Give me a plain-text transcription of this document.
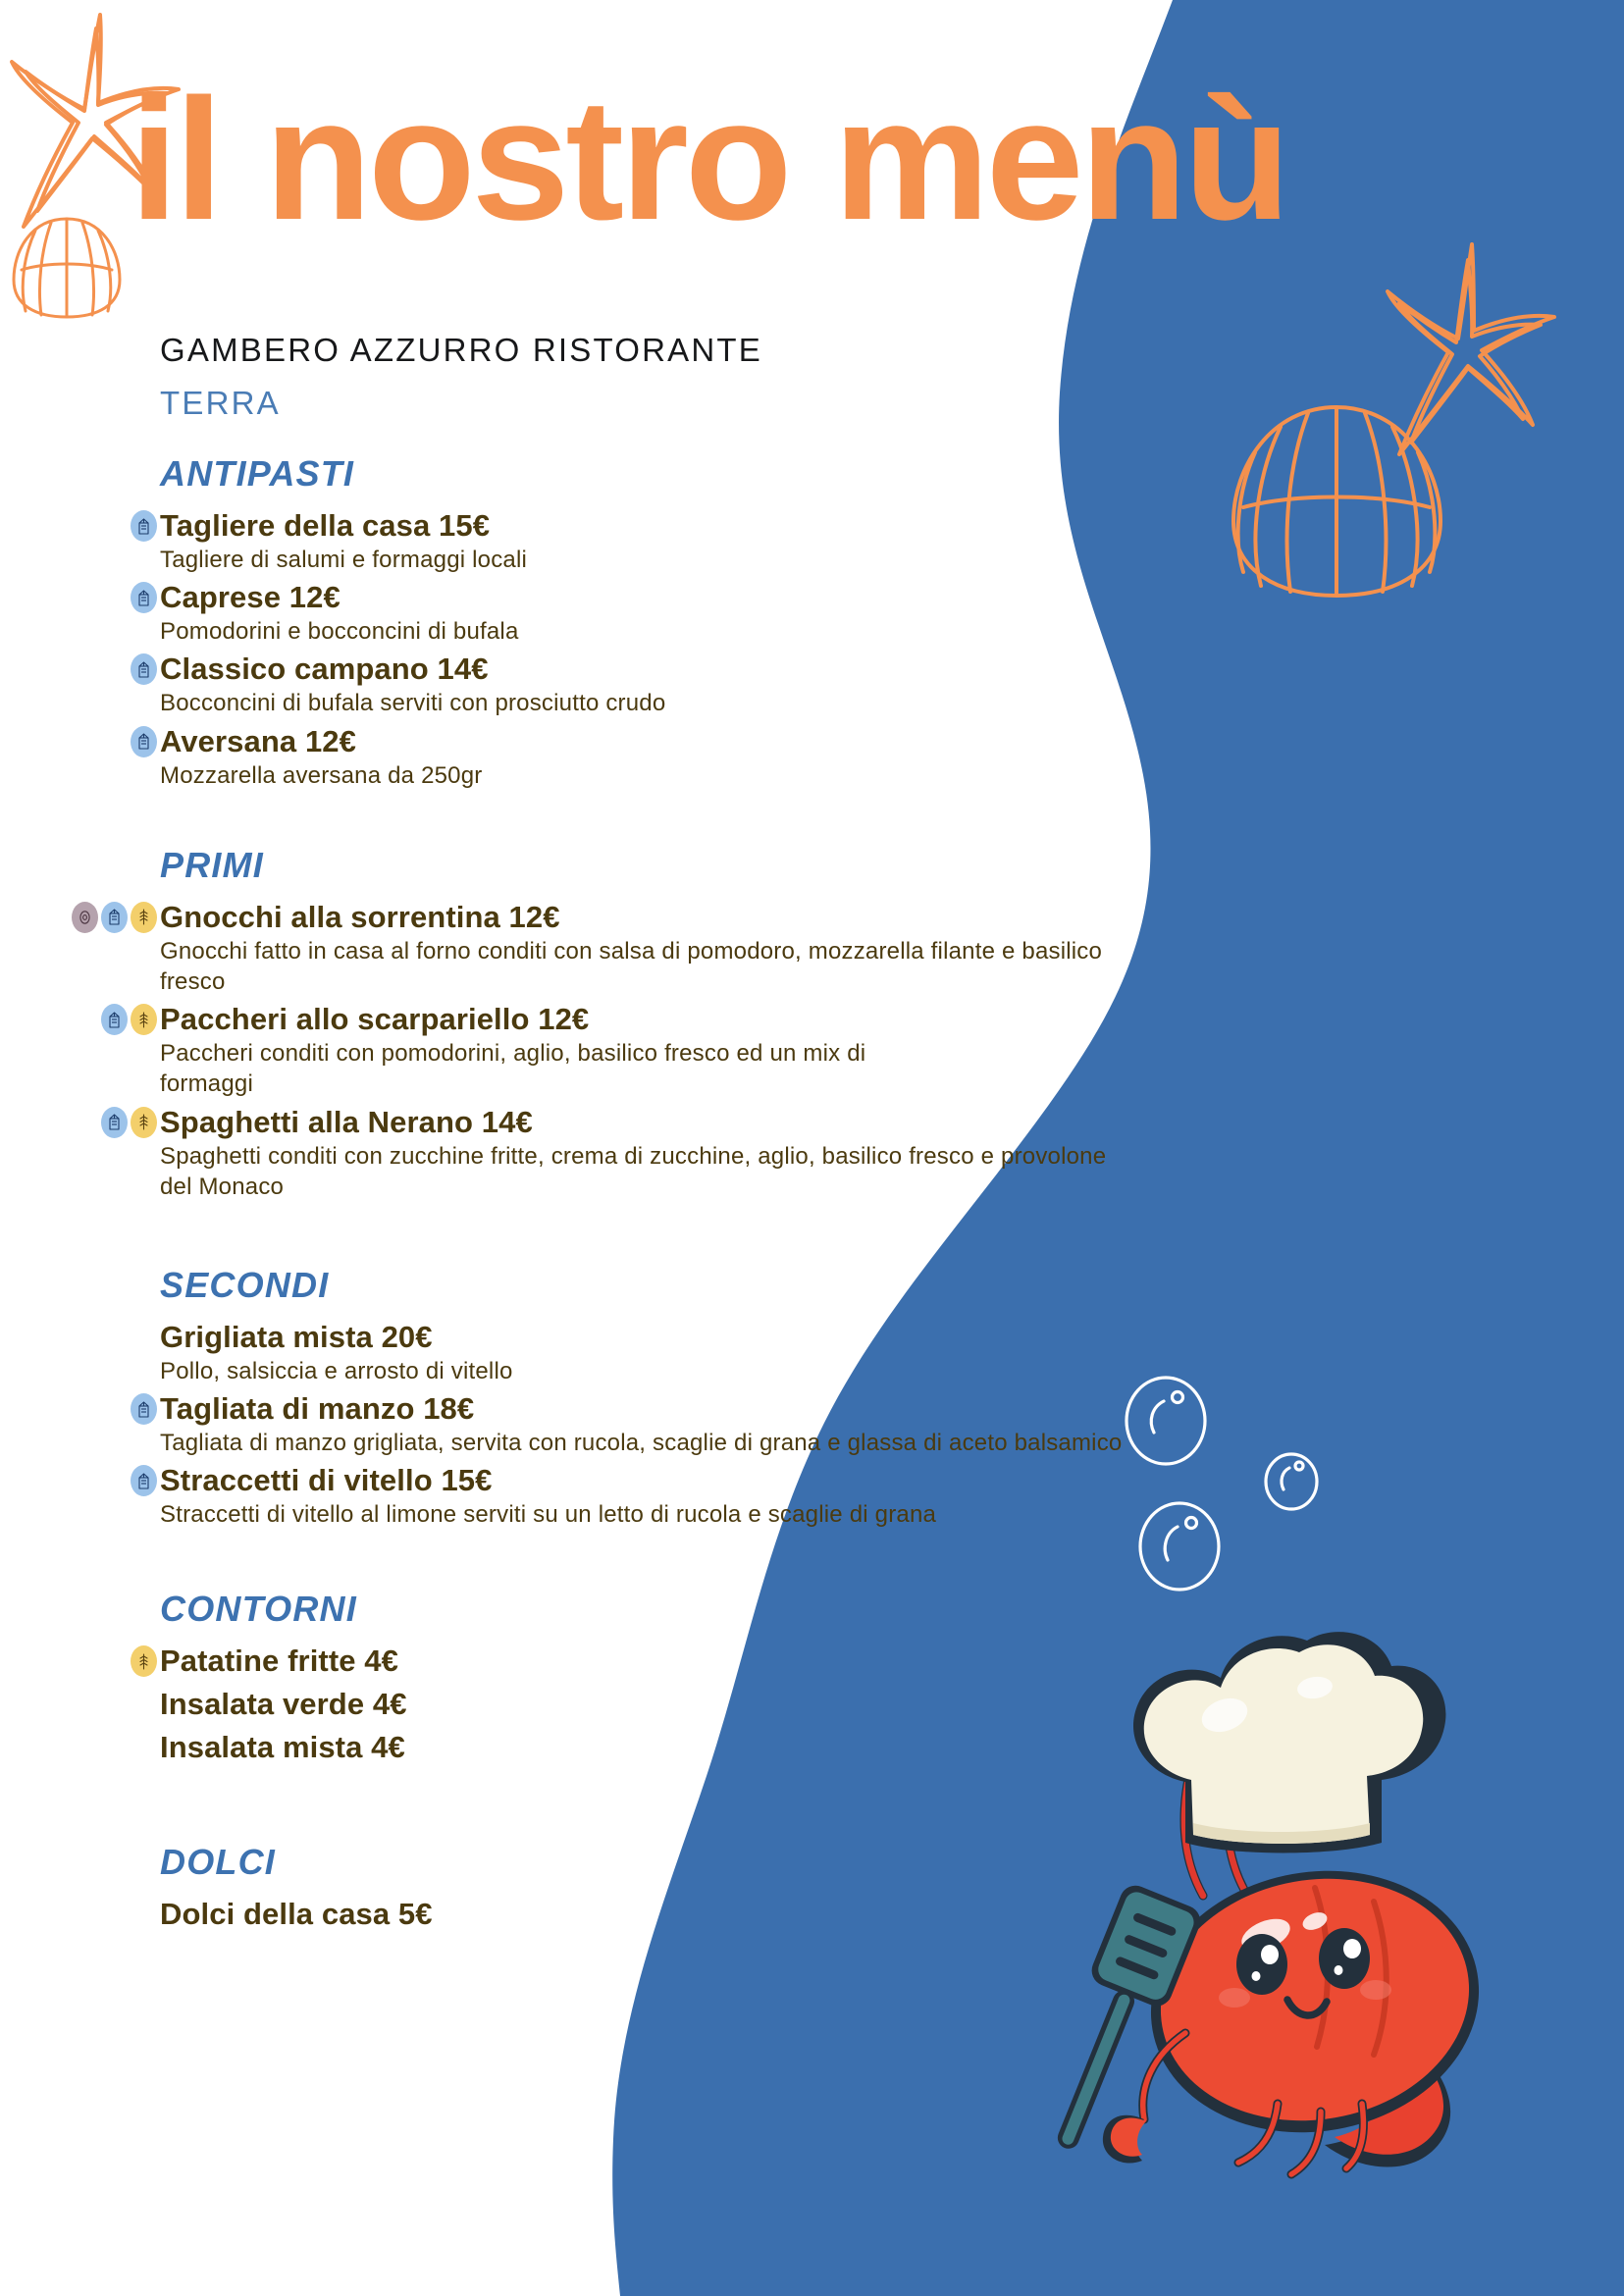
il nostro menù
GAMBERO AZZURRO RISTORANTE
TERRA
ANTIPASTI
Tagliere della casa 15€
Tagliere di salumi e formaggi locali
Caprese 12€
Pomodorini e bocconcini di bufala
Classico campano 14€
Bocconcini di bufala serviti con prosciutto crudo
Aversana 12€
Mozzarella aversana da 250gr
PRIMI
Gnocchi alla sorrentina 12€
Gnocchi fatto in casa al forno conditi con salsa di pomodoro, mozzarella filante e basilico fresco
Paccheri allo scarpariello 12€
Paccheri conditi con pomodorini, aglio, basilico fresco ed un mix di formaggi
Spaghetti alla Nerano 14€
Spaghetti conditi con zucchine fritte, crema di zucchine, aglio, basilico fresco e provolone del Monaco
SECONDI
Grigliata mista 20€
Pollo, salsiccia e arrosto di vitello
Tagliata di manzo 18€
Tagliata di manzo grigliata, servita con rucola, scaglie di grana e glassa di aceto balsamico
Straccetti di vitello 15€
Straccetti di vitello al limone serviti su un letto di rucola e scaglie di grana
CONTORNI
Patatine fritte 4€
Insalata verde 4€
Insalata mista 4€
DOLCI
Dolci della casa 5€
